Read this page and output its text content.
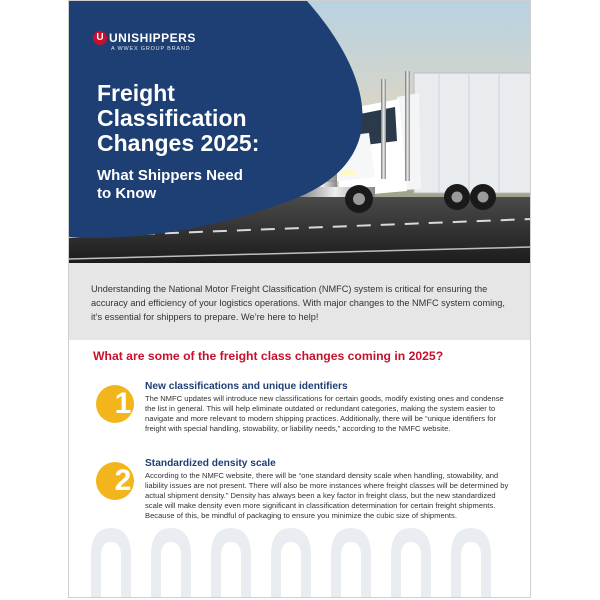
U UNISHIPPERS
A WWEX GROUP BRAND
Freight
Classification
Changes 2025:
What Shippers Need
to Know

Understanding the National Motor Freight Classification (NMFC) system is critical for ensuring the accuracy and efficiency of your logistics operations. With major changes to the NMFC system coming, it’s essential for shippers to prepare. We’re here to help!

What are some of the freight class changes coming in 2025?
1
New classifications and unique identifiers

The NMFC updates will introduce new classifications for certain goods, modify existing ones and condense the list in general. This will help eliminate outdated or redundant categories, making the system easier to navigate and more relevant to modern shipping practices. Additionally, there will be “unique identifiers for freight with special handling, stowability, or liability needs,” according to the NMFC website.

2
Standardized density scale

According to the NMFC website, there will be “one standard density scale when handling, stowability, and liability issues are not present. There will also be more instances where freight classes will be determined by actual shipment density.” Density has always been a key factor in freight class, but the new standardized scale will make density even more significant in classification determination for certain freight shipments. Because of this, be mindful of packaging to ensure you minimize the cubic size of shipments.
